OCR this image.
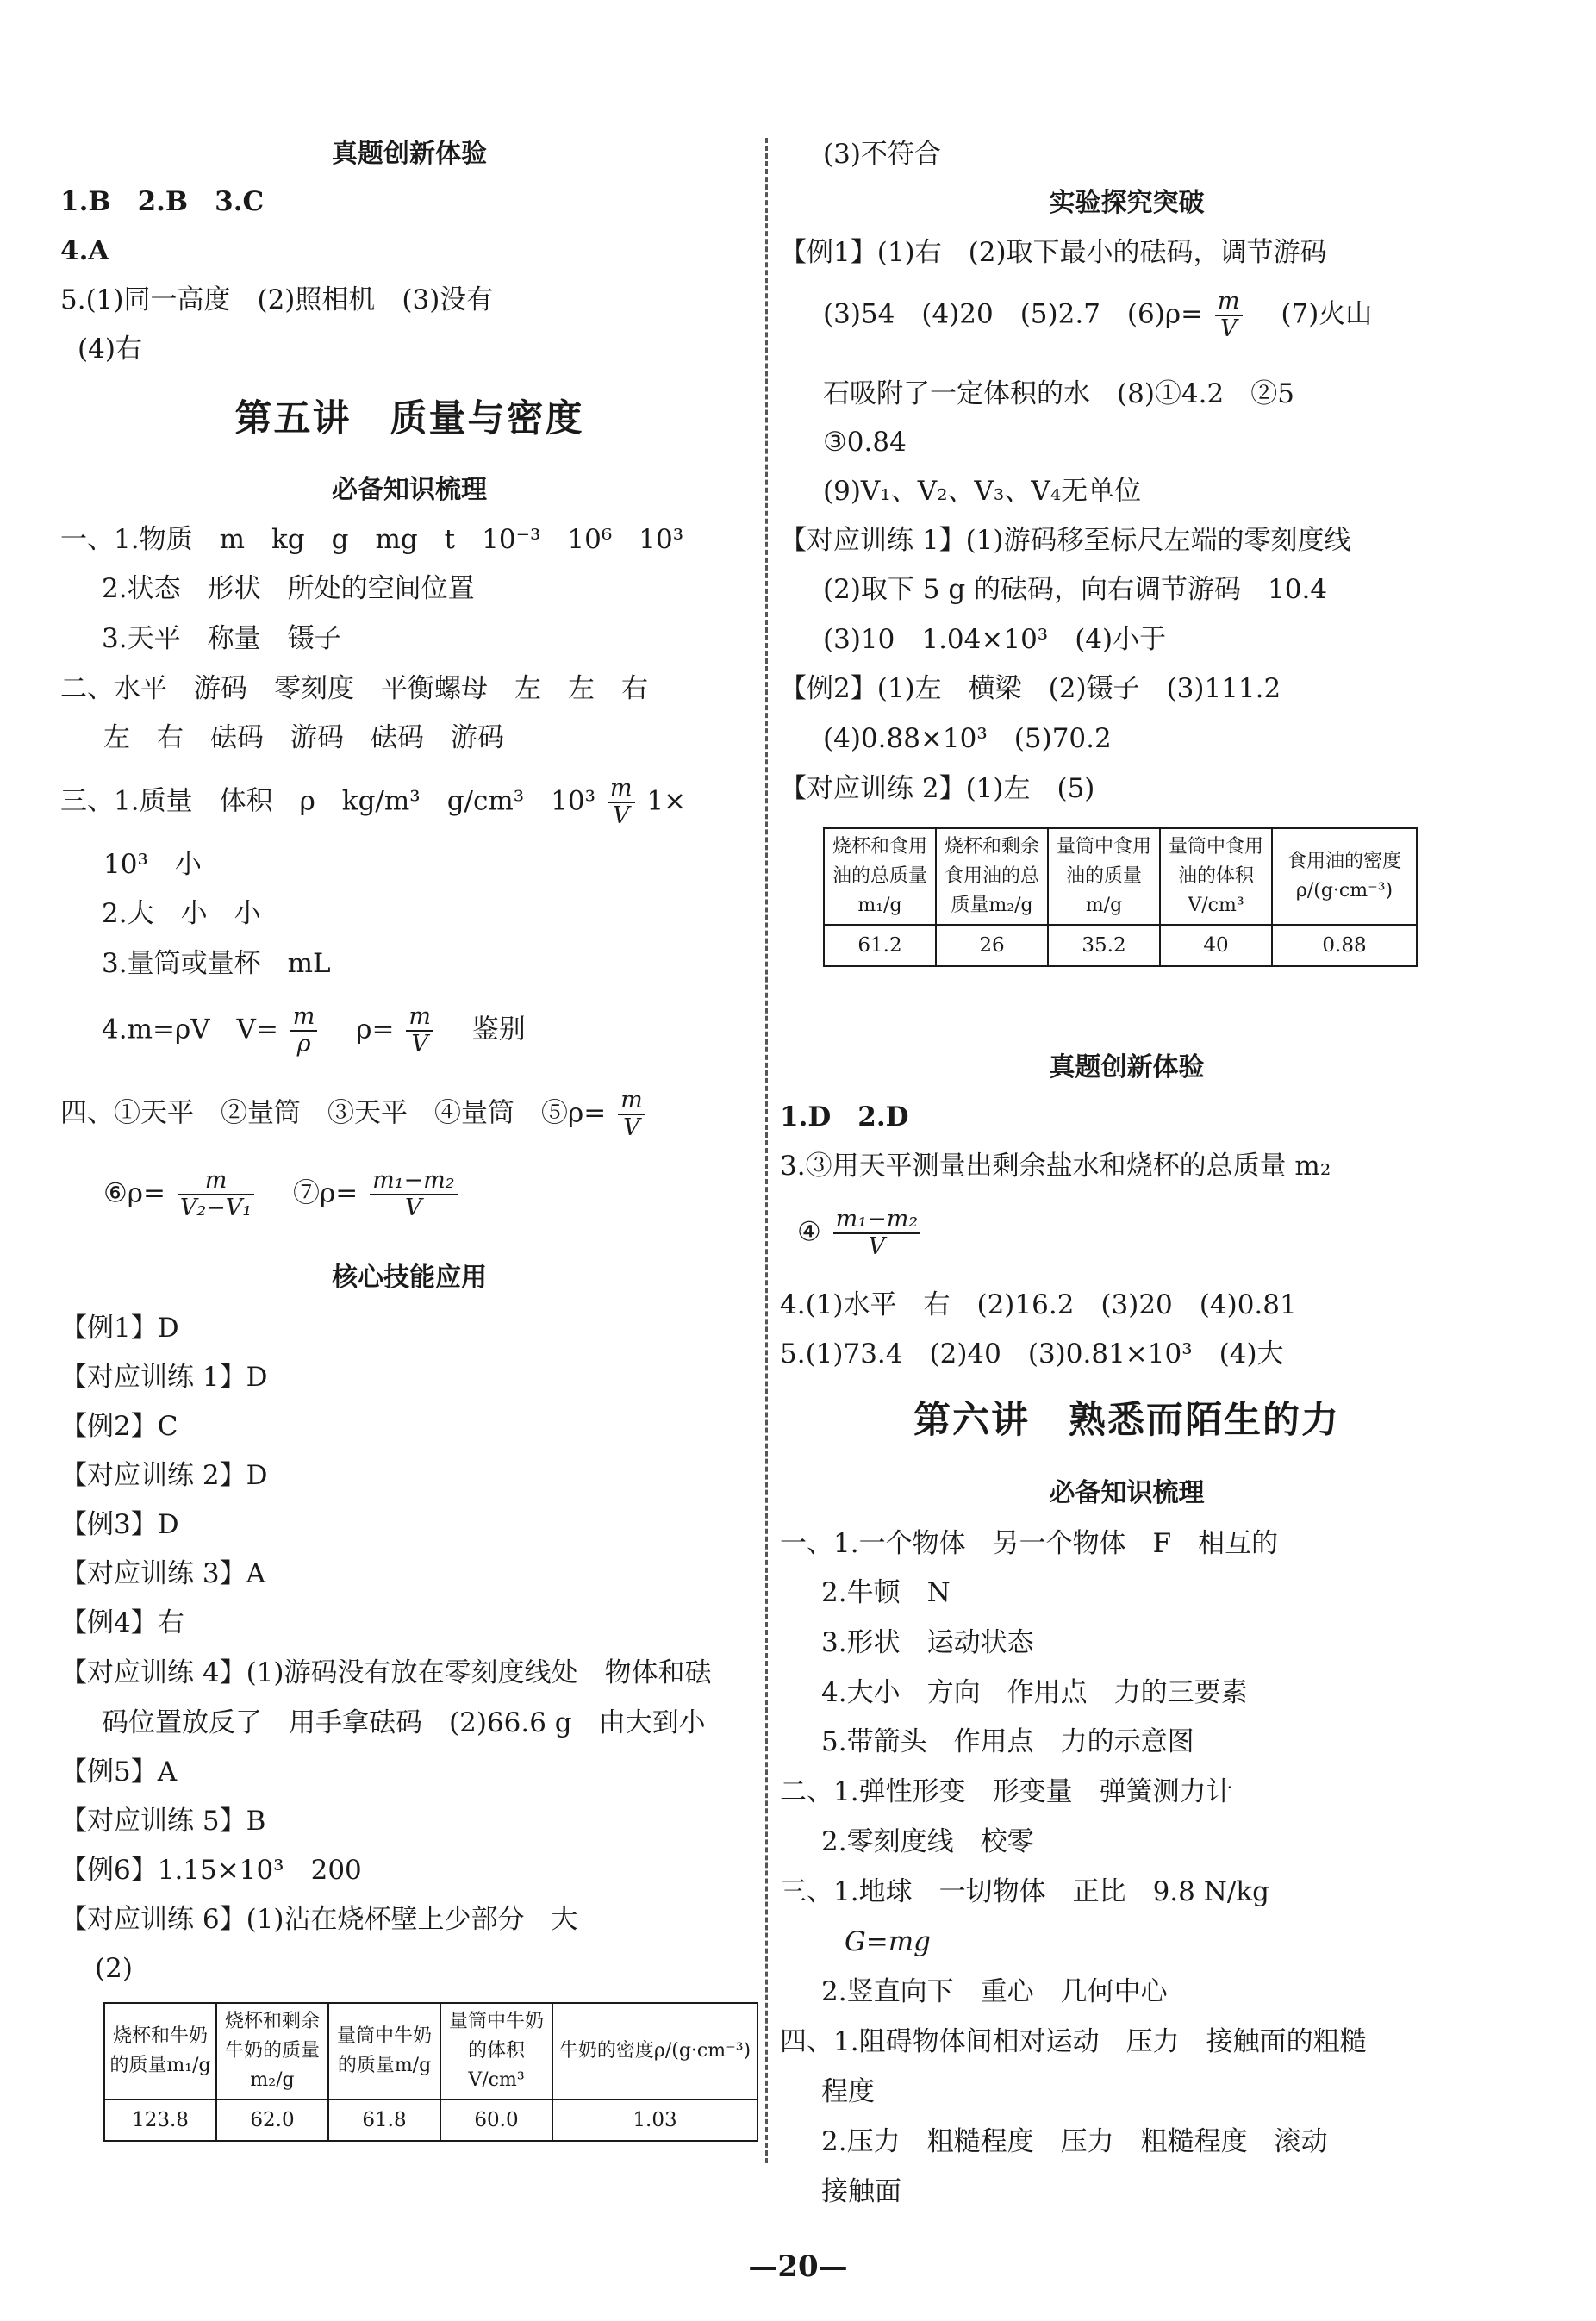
真题创新体验
1.B　2.B　3.C
4.A
5.(1)同一高度　(2)照相机　(3)没有
(4)右
第五讲　质量与密度
必备知识梳理
一、1.物质　m　kg　g　mg　t　10⁻³　10⁶　10³
2.状态　形状　所处的空间位置
3.天平　称量　镊子
二、水平　游码　零刻度　平衡螺母　左　左　右
左　右　砝码　游码　砝码　游码
三、1.质量　体积　ρ　kg/m³　g/cm³　$10^3 \frac{m}{V} 1\times$
10³　小
2.大　小　小
3.量筒或量杯　mL
4.m=ρV　$V= \frac{m}{\rho}$
　 $\rho= \frac{m}{V}$
　 鉴别
四、①天平　②量筒　③天平　④量筒　⑤ρ= $\frac{m}{V}$
⑥ρ= $\frac{m}{\text{V₂−V₁}}$
　 ⑦ρ= $\frac{\text{m₁−m₂}}{V}$
核心技能应用
【例1】D
【对应训练 1】D
【例2】C
【对应训练 2】D
【例3】D
【对应训练 3】A
【例4】右
【对应训练 4】(1)游码没有放在零刻度线处　物体和砝
码位置放反了　用手拿砝码　(2)66.6 g　由大到小
【例5】A
【对应训练 5】B
【例6】1.15×10³　200
【对应训练 6】(1)沾在烧杯壁上少部分　大
(2)
烧杯和牛奶的质量m₁/g	烧杯和剩余牛奶的质量m₂/g	量筒中牛奶的质量m/g	量筒中牛奶的体积V/cm³	牛奶的密度ρ/(g·cm⁻³)
123.8	62.0	61.8	60.0	1.03
(3)不符合
实验探究突破
【例1】(1)右　(2)取下最小的砝码，调节游码
(3)54　(4)20　(5)2.7　$(6)\rho= \frac{m}{V}$
　 (7)火山
石吸附了一定体积的水　(8)①4.2　②5
③0.84
(9)V₁、V₂、V₃、V₄无单位
【对应训练 1】(1)游码移至标尺左端的零刻度线
(2)取下 5 g 的砝码，向右调节游码　10.4
(3)10　1.04×10³　(4)小于
【例2】(1)左　横梁　(2)镊子　(3)111.2
(4)0.88×10³　(5)70.2
【对应训练 2】(1)左　(5)
烧杯和食用油的总质量m₁/g	烧杯和剩余食用油的总质量m₂/g	量筒中食用油的质量m/g	量筒中食用油的体积V/cm³	食用油的密度ρ/(g·cm⁻³)
61.2	26	35.2	40	0.88
真题创新体验
1.D　2.D
3.③用天平测量出剩余盐水和烧杯的总质量 m₂
④ $\frac{\text{m₁−m₂}}{V}$
4.(1)水平　右　(2)16.2　(3)20　(4)0.81
5.(1)73.4　(2)40　(3)0.81×10³　(4)大
第六讲　熟悉而陌生的力
必备知识梳理
一、1.一个物体　另一个物体　F　相互的
2.牛顿　N
3.形状　运动状态
4.大小　方向　作用点　力的三要素
5.带箭头　作用点　力的示意图
二、1.弹性形变　形变量　弹簧测力计
2.零刻度线　校零
三、1.地球　一切物体　正比　9.8 N/kg
G=mg
2.竖直向下　重心　几何中心
四、1.阻碍物体间相对运动　压力　接触面的粗糙
程度
2.压力　粗糙程度　压力　粗糙程度　滚动
接触面
—20—
